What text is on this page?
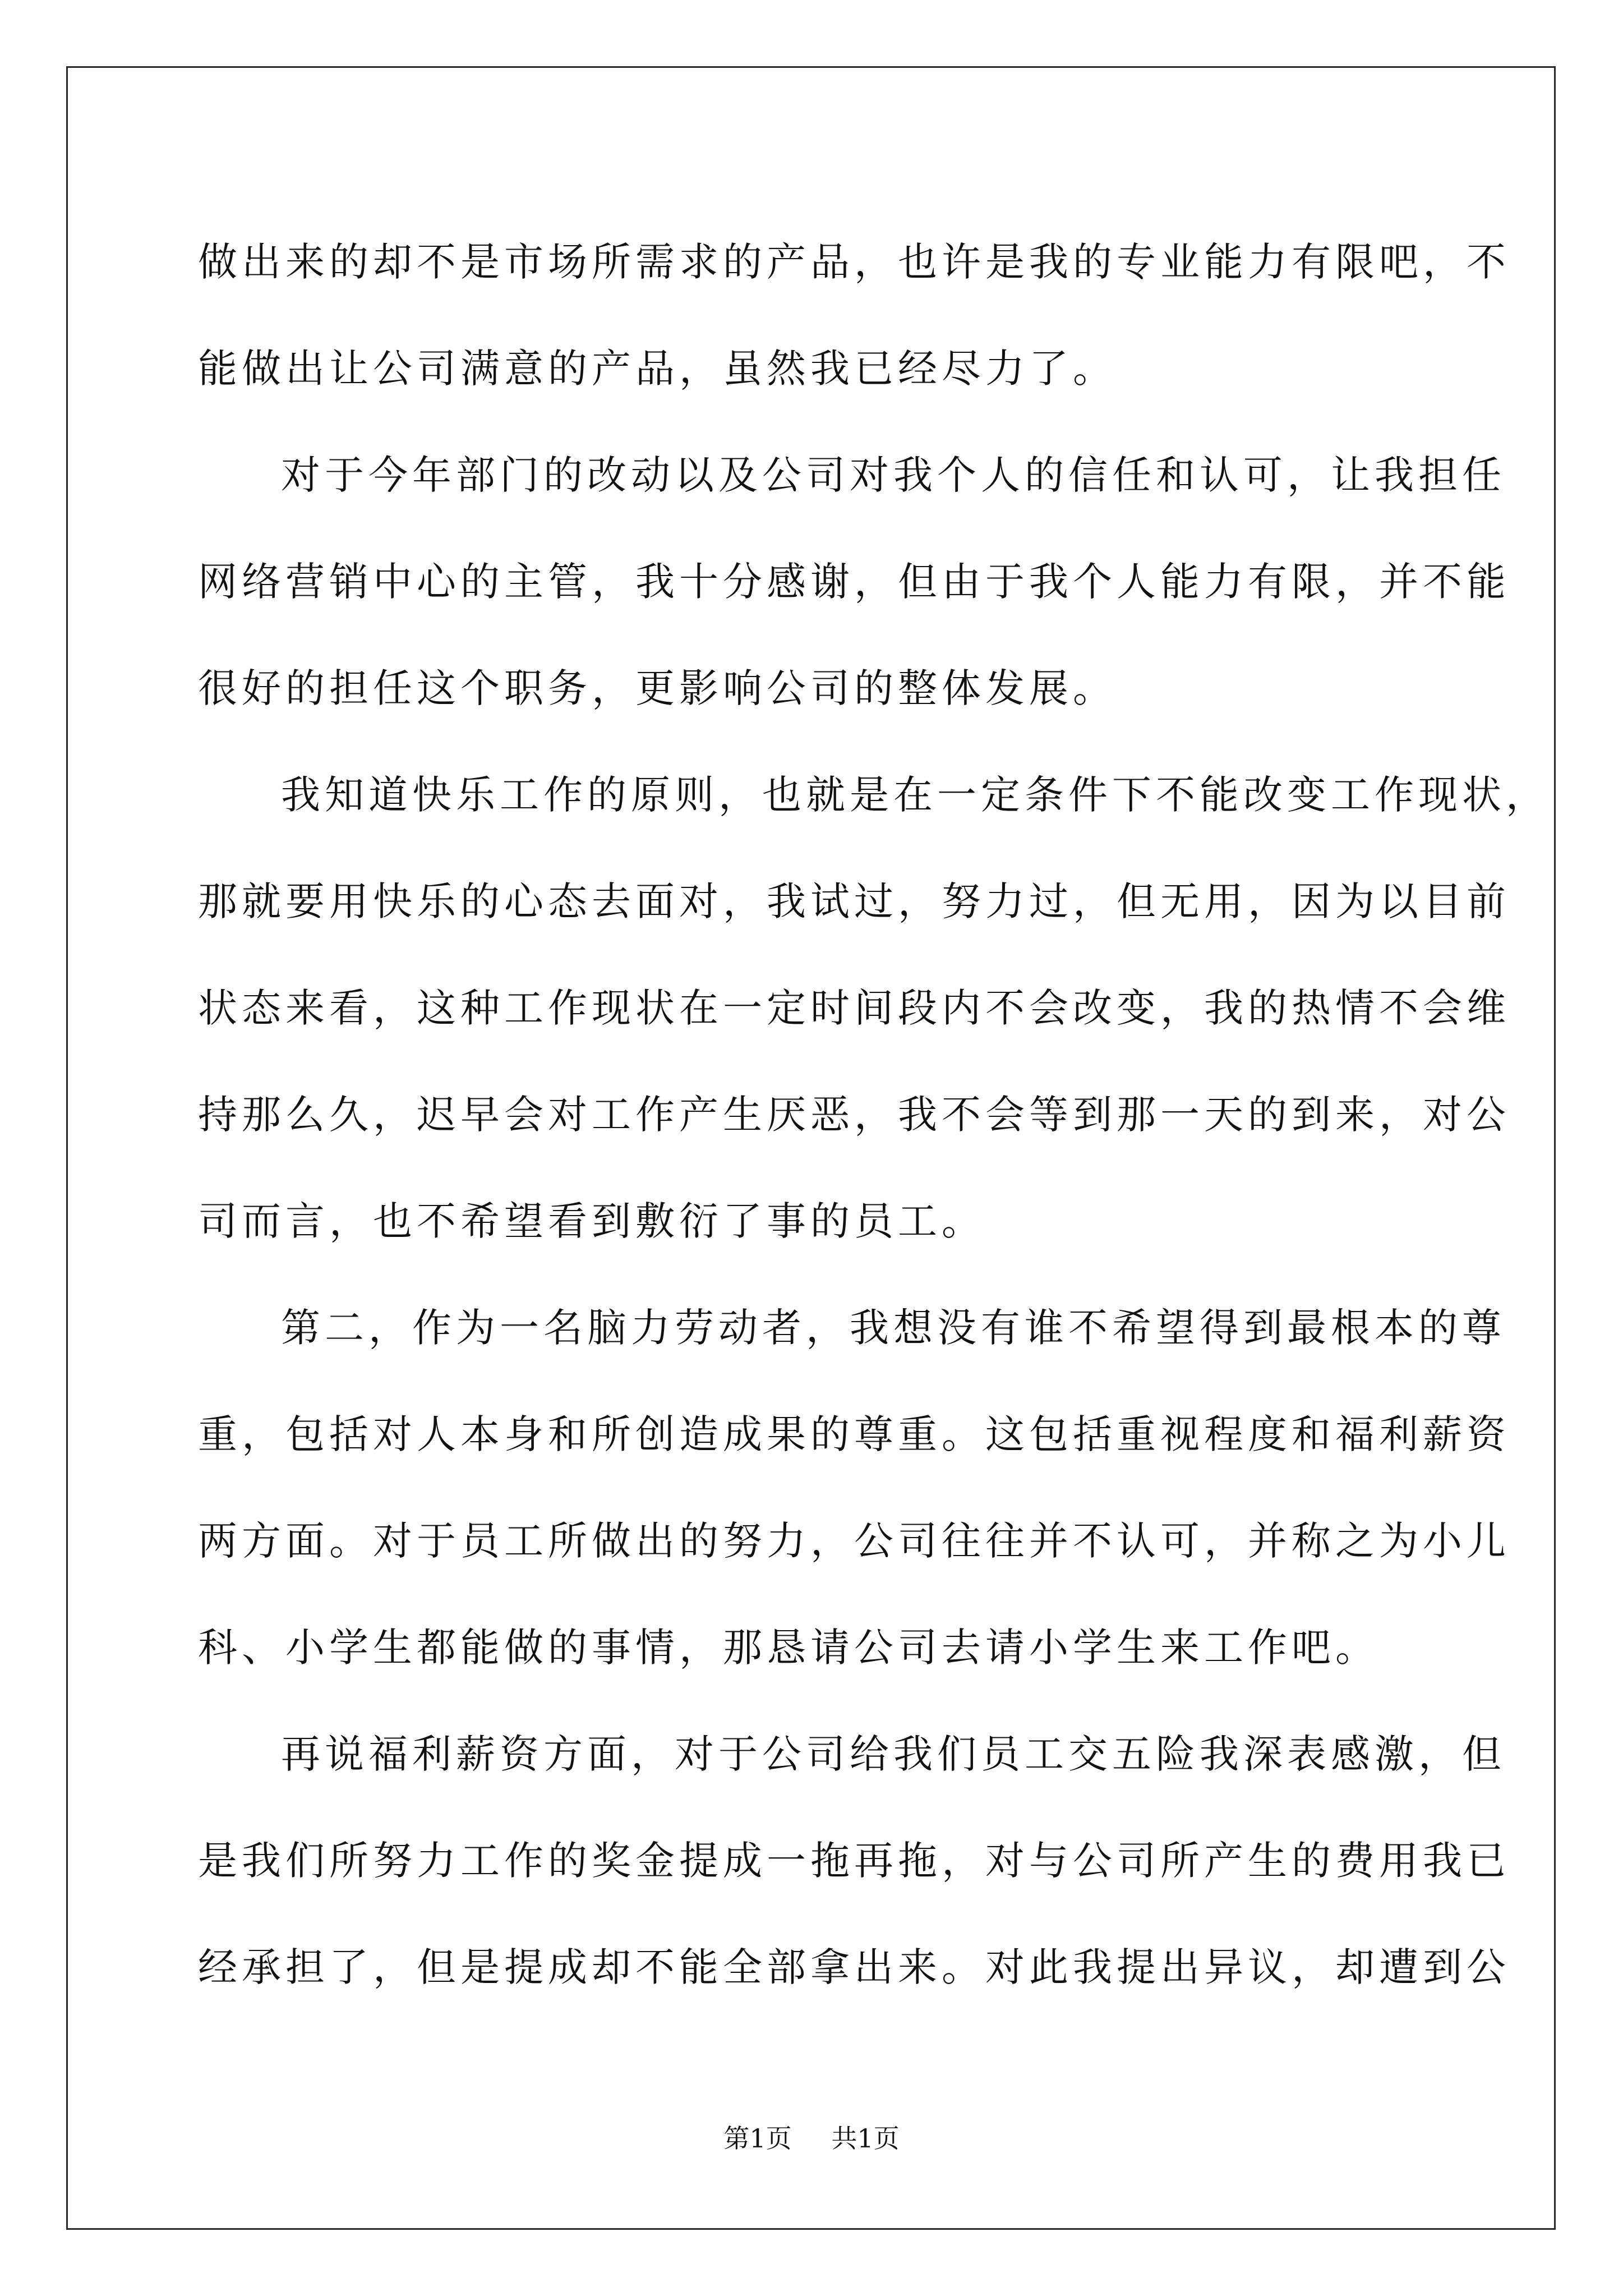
做出来的却不是市场所需求的产品，也许是我的专业能力有限吧，不
能做出让公司满意的产品，虽然我已经尽力了。
对于今年部门的改动以及公司对我个人的信任和认可，让我担任
网络营销中心的主管，我十分感谢，但由于我个人能力有限，并不能
很好的担任这个职务，更影响公司的整体发展。
我知道快乐工作的原则，也就是在一定条件下不能改变工作现状，
那就要用快乐的心态去面对，我试过，努力过，但无用，因为以目前
状态来看，这种工作现状在一定时间段内不会改变，我的热情不会维
持那么久，迟早会对工作产生厌恶，我不会等到那一天的到来，对公
司而言，也不希望看到敷衍了事的员工。
第二，作为一名脑力劳动者，我想没有谁不希望得到最根本的尊
重，包括对人本身和所创造成果的尊重。这包括重视程度和福利薪资
两方面。对于员工所做出的努力，公司往往并不认可，并称之为小儿
科、小学生都能做的事情，那恳请公司去请小学生来工作吧。
再说福利薪资方面，对于公司给我们员工交五险我深表感激，但
是我们所努力工作的奖金提成一拖再拖，对与公司所产生的费用我已
经承担了，但是提成却不能全部拿出来。对此我提出异议，却遭到公
第1页 共1页
